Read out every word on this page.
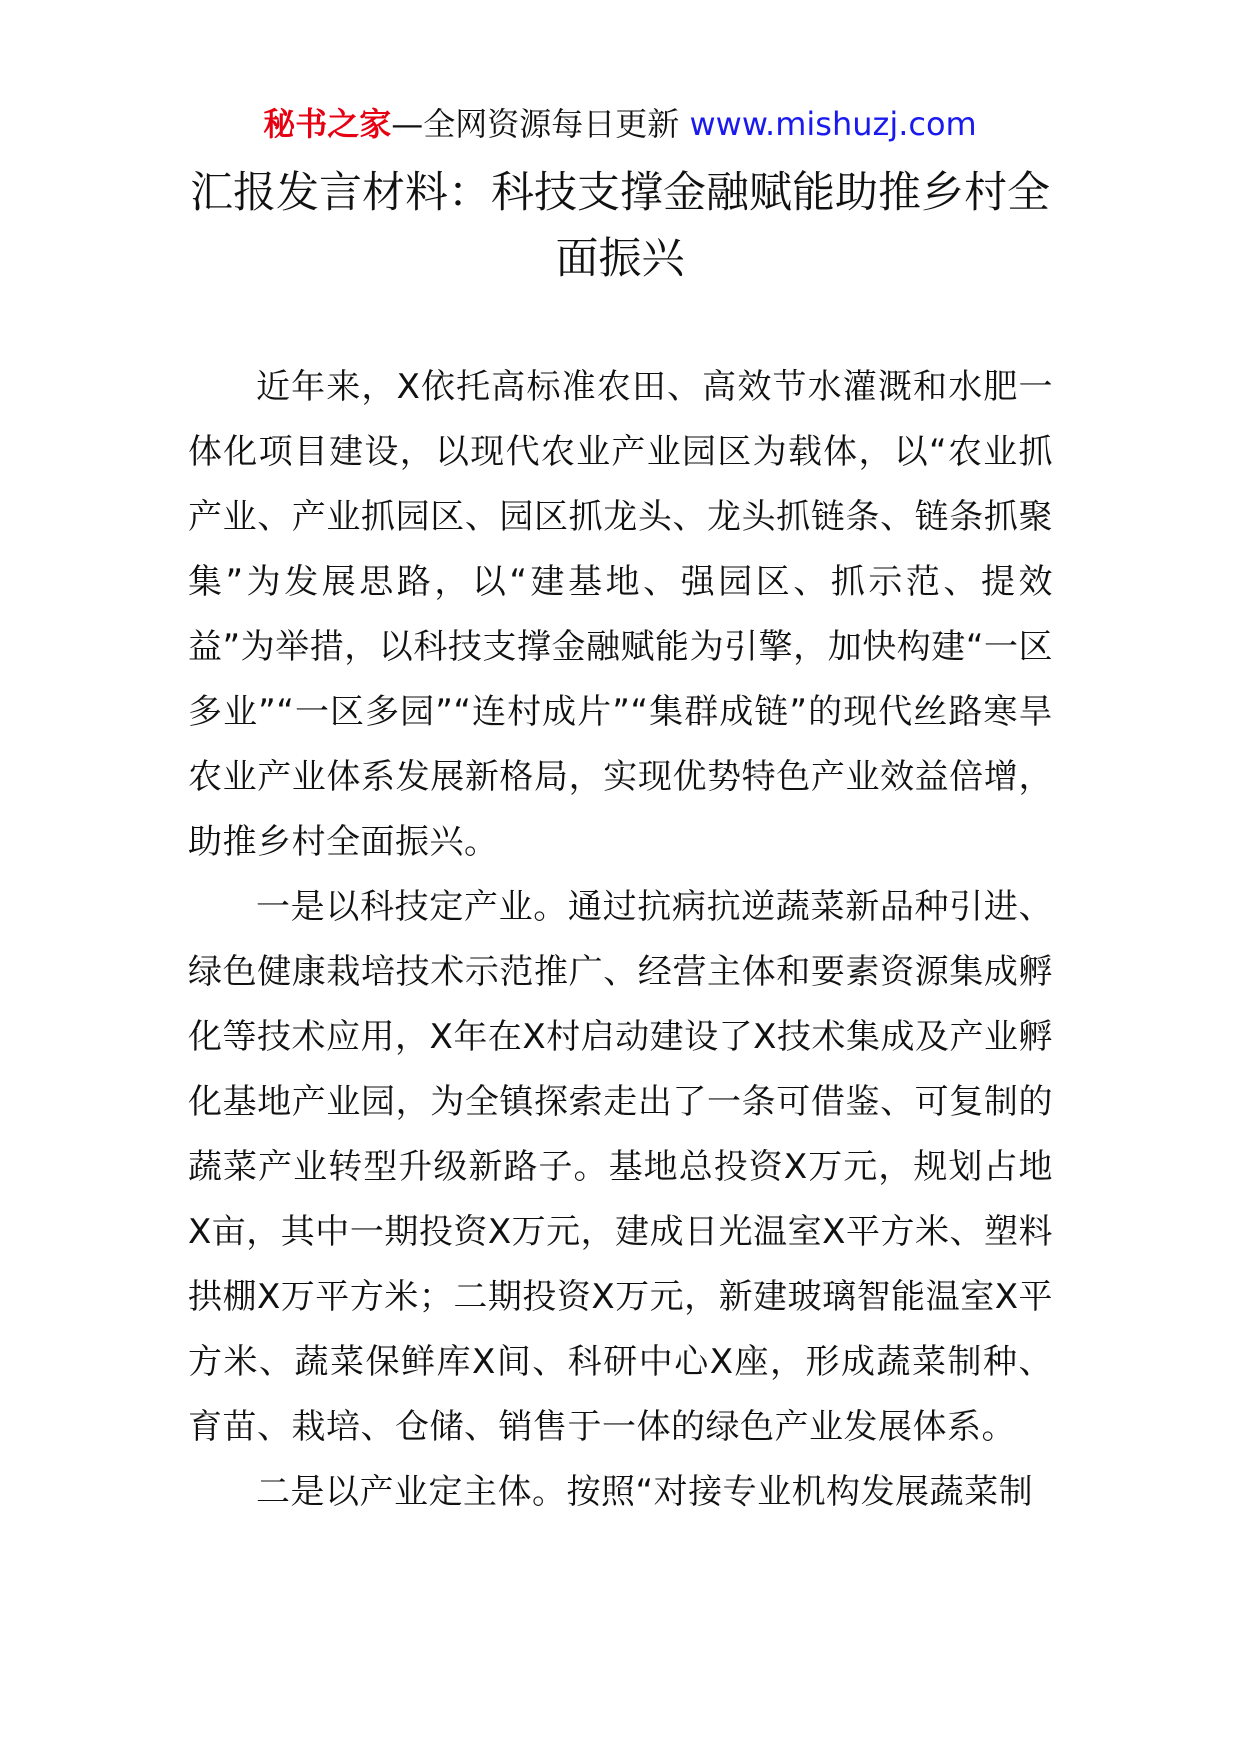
秘书之家—全网资源每日更新 www.mishuzj.com
汇报发言材料：科技支撑金融赋能助推乡村全面振兴

近年来，X依托高标准农田、高效节水灌溉和水肥一体化项目建设，以现代农业产业园区为载体，以“农业抓产业、产业抓园区、园区抓龙头、龙头抓链条、链条抓聚集”为发展思路，以“建基地、强园区、抓示范、提效益”为举措，以科技支撑金融赋能为引擎，加快构建“一区多业”“一区多园”“连村成片”“集群成链”的现代丝路寒旱农业产业体系发展新格局，实现优势特色产业效益倍增，助推乡村全面振兴。

一是以科技定产业。通过抗病抗逆蔬菜新品种引进、绿色健康栽培技术示范推广、经营主体和要素资源集成孵化等技术应用，X年在X村启动建设了X技术集成及产业孵化基地产业园，为全镇探索走出了一条可借鉴、可复制的蔬菜产业转型升级新路子。基地总投资X万元，规划占地X亩，其中一期投资X万元，建成日光温室X平方米、塑料拱棚X万平方米；二期投资X万元，新建玻璃智能温室X平方米、蔬菜保鲜库X间、科研中心X座，形成蔬菜制种、育苗、栽培、仓储、销售于一体的绿色产业发展体系。

二是以产业定主体。按照“对接专业机构发展蔬菜制
